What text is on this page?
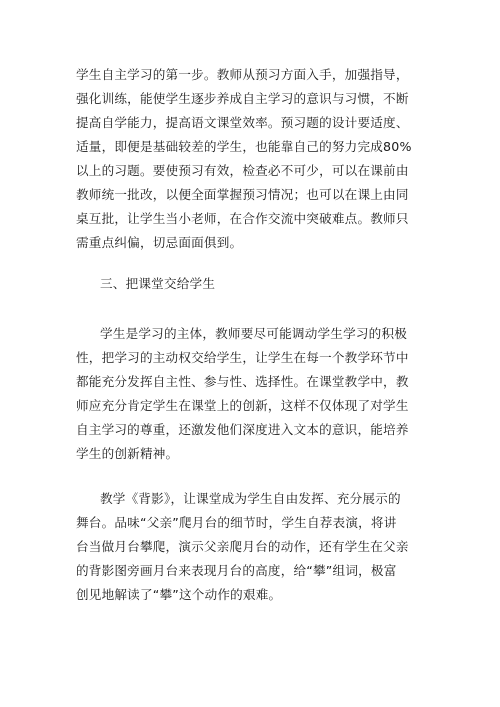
学生自主学习的第一步。教师从预习方面入手，加强指导，
强化训练，能使学生逐步养成自主学习的意识与习惯，不断
提高自学能力，提高语文课堂效率。预习题的设计要适度、
适量，即便是基础较差的学生，也能靠自己的努力完成80%
以上的习题。要使预习有效，检查必不可少，可以在课前由
教师统一批改，以便全面掌握预习情况；也可以在课上由同
桌互批，让学生当小老师，在合作交流中突破难点。教师只
需重点纠偏，切忌面面俱到。
三、把课堂交给学生
学生是学习的主体，教师要尽可能调动学生学习的积极
性，把学习的主动权交给学生，让学生在每一个教学环节中
都能充分发挥自主性、参与性、选择性。在课堂教学中，教
师应充分肯定学生在课堂上的创新，这样不仅体现了对学生
自主学习的尊重，还激发他们深度进入文本的意识，能培养
学生的创新精神。
教学《背影》，让课堂成为学生自由发挥、充分展示的
舞台。品味“父亲”爬月台的细节时，学生自荐表演，将讲
台当做月台攀爬，演示父亲爬月台的动作，还有学生在父亲
的背影图旁画月台来表现月台的高度，给“攀”组词，极富
创见地解读了“攀”这个动作的艰难。
